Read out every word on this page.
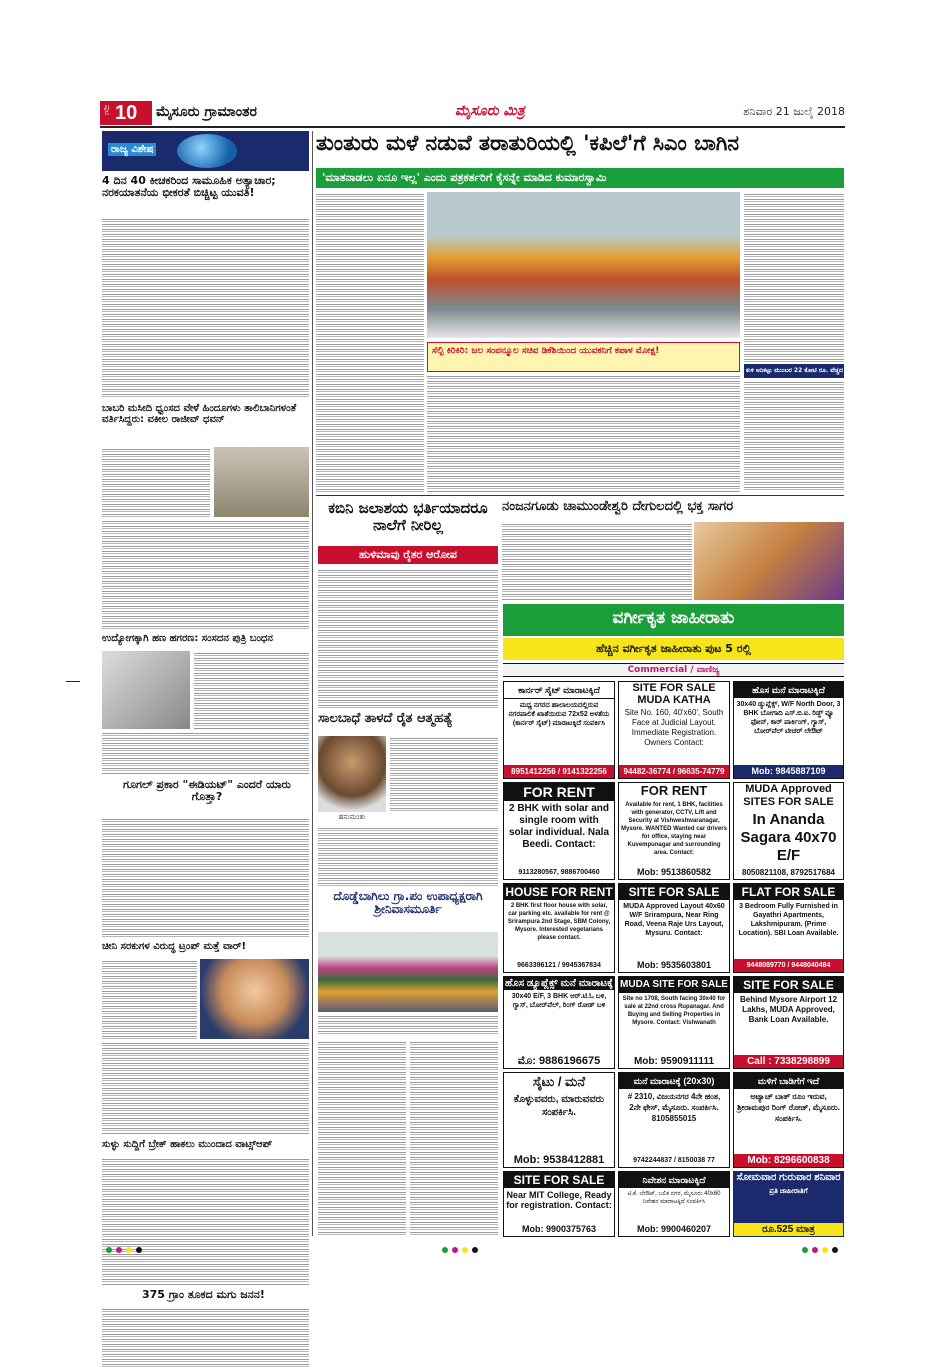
ಪುಟ 10 ಮೈಸೂರು ಗ್ರಾಮಾಂತರ	ಮೈಸೂರು ಮಿತ್ರ	ಶನಿವಾರ 21 ಜುಲೈ 2018
ರಾಜ್ಯ ವಿಶೇಷ
4 ದಿನ 40 ಕೀಚಕರಿಂದ ಸಾಮೂಹಿಕ ಅತ್ಯಾಚಾರ; ನರಕಯಾತನೆಯ ಭೀಕರತೆ ಬಿಚ್ಚಿಟ್ಟ ಯುವತಿ!
ಬಾಬರಿ ಮಸೀದಿ ಧ್ವಂಸದ ವೇಳೆ ಹಿಂದೂಗಳು ತಾಲಿಬಾನಿಗಳಂತೆ ವರ್ತಿಸಿದ್ದರು: ವಕೀಲ ರಾಜೀವ್ ಧವನ್
ಉದ್ಯೋಗಕ್ಕಾಗಿ ಹಣ ಹಗರಣ: ಸಂಸದನ ಪುತ್ರಿ ಬಂಧನ
ಗೂಗಲ್ ಪ್ರಕಾರ "ಈಡಿಯಟ್" ಎಂದರೆ ಯಾರು ಗೊತ್ತಾ?
ಚೀನಿ ಸರಕುಗಳ ವಿರುದ್ಧ ಟ್ರಂಪ್ ಮತ್ತೆ ವಾರ್!
ಸುಳ್ಳು ಸುದ್ದಿಗೆ ಬ್ರೇಕ್ ಹಾಕಲು ಮುಂದಾದ ವಾಟ್ಸ್‌ಆಪ್
375 ಗ್ರಾಂ ತೂಕದ ಮಗು ಜನನ!
ತುಂತುರು ಮಳೆ ನಡುವೆ ತರಾತುರಿಯಲ್ಲಿ 'ಕಪಿಲೆ'ಗೆ ಸಿಎಂ ಬಾಗಿನ
'ಮಾತನಾಡಲು ಏನೂ ಇಲ್ಲ' ಎಂದು ಪತ್ರಕರ್ತರಿಗೆ ಕೈಸನ್ನೇ ಮಾಡಿದ ಕುಮಾರಸ್ವಾಮಿ
ಸೆಲ್ಫಿ ಕಿರಿಕಿರಿ: ಜಲ ಸಂಪನ್ಮೂಲ ಸಚಿವ ಡಿಕೆಶಿಯಿಂದ ಯುವಕನಿಗೆ ಕಪಾಳ ಮೋಕ್ಷ!
ಕುಳಿ ಅನಿಕಟ್ಟು ಮುಂಬರ 22 ಕೋಟಿ ರೂ. ವೆಚ್ಚದ ಹೊಸ ನೀರಿಕರ
ಕಬಿನಿ ಜಲಾಶಯ ಭರ್ತಿಯಾದರೂ ನಾಲೆಗೆ ನೀರಿಲ್ಲ
ಹುಳಿಮಾವು ರೈತರ ಆರೋಪ
ನಂಜನಗೂಡು ಚಾಮುಂಡೇಶ್ವರಿ ದೇಗುಲದಲ್ಲಿ ಭಕ್ತ ಸಾಗರ
ವರ್ಗೀಕೃತ ಜಾಹೀರಾತು
ಹೆಚ್ಚಿನ ವರ್ಗೀಕೃತ ಜಾಹೀರಾತು ಪುಟ 5 ರಲ್ಲಿ
Commercial / ವಾಣಿಜ್ಯ
ಸಾಲಬಾಧೆ ತಾಳದೆ ರೈತ ಆತ್ಮಹತ್ಯೆ
ಹನುಮಂತು
ದೊಡ್ಡೆಬಾಗಿಲು ಗ್ರಾ.ಪಂ ಉಪಾಧ್ಯಕ್ಷರಾಗಿ ಶ್ರೀನಿವಾಸಮೂರ್ತಿ
ಕಾರ್ನರ್ ಸೈಟ್ ಮಾರಾಟಕ್ಕಿದೆ
ಮಧ್ಯ ನಗರದ ಹಾಲಾಲಯದಲ್ಲಿರುವ ನಗರಪಾಲಿಕೆ ಖಾತೆಯಿರುವ 72x52 ಅಳತೆಯ (ಕಾರ್ನರ್ ಸೈಟ್) ಮಾರಾಟಕ್ಕಿದೆ ಸಂಪರ್ಕಿಸಿ
8951412256 / 9141322256
SITE FOR SALE MUDA KATHA
Site No. 160, 40'x60', South Face at Judicial Layout. Immediate Registration. Owners Contact:
94482-36774 / 96635-74779
ಹೊಸ ಮನೆ ಮಾರಾಟಕ್ಕಿದೆ
30x40 ಡ್ಯುಪ್ಲೆಕ್ಸ್, W/F North Door, 3 BHK ಬೋಗಾದಿ ಎಸ್.ಬಿ.ಐ. ರಿಡ್ಜ್ ವ್ಯೂ ಫೋನ್, ಕಾರ್ ಪಾರ್ಕಿಂಗ್, ಗ್ಯಾಸ್, ಬೋರ್‌ವೆಲ್ ಟೀಚರ್ ಲೇಔಟ್
Mob: 9845887109
FOR RENT
2 BHK with solar and single room with solar individual. Nala Beedi. Contact:
9113280567, 9886700460
FOR RENT
Available for rent, 1 BHK, facilities with generator, CCTV, Lift and Security at Vishweshwaranagar, Mysore. WANTED Wanted car drivers for office, staying near Kuvempunagar and surrounding area. Contact:
Mob: 9513860582
MUDA Approved SITES FOR SALE
In Ananda Sagara 40x70 E/F
8050821108, 8792517684
HOUSE FOR RENT
2 BHK first floor house with solar, car parking etc. available for rent @ Srirampura 2nd Stage, SBM Colony, Mysore. Interested vegetarians please contact.
9663396121 / 9945367834
SITE FOR SALE
MUDA Approved Layout 40x60 W/F Srirampura, Near Ring Road, Veena Raje Urs Layout, Mysuru. Contact:
Mob: 9535603801
FLAT FOR SALE
3 Bedroom Fully Furnished in Gayathri Apartments, Lakshmipuram. (Prime Location). SBI Loan Available.
9448089770 / 9448040484
ಹೊಸ ಡ್ಯೂಪ್ಲೆಕ್ಸ್ ಮನೆ ಮಾರಾಟಕ್ಕೆ
30x40 E/F, 3 BHK ಆರ್.ಟಿ.ಓ ಬಳಿ, ಗ್ಯಾಸ್, ಬೋರ್‌ವೆಲ್, ರಿಂಗ್ ರೋಡ್ ಬಳಿ
ಮೊ: 9886196675
MUDA SITE FOR SALE
Site no 1708, South facing 30x40 for sale at 22nd cross Rupanagar. And Buying and Selling Properties in Mysore. Contact: Vishwanath
Mob: 9590911111
SITE FOR SALE
Behind Mysore Airport 12 Lakhs, MUDA Approved, Bank Loan Available.
Call : 7338298899
ಸೈಟು / ಮನೆ
ಕೊಳ್ಳುವವರು, ಮಾರುವವರು ಸಂಪರ್ಕಿಸಿ.
Mob: 9538412881
ಮನೆ ಮಾರಾಟಕ್ಕೆ (20x30)
# 2310, ವಿಜಯನಗರ 4ನೇ ಹಂತ, 2ನೇ ಫೇಸ್, ಮೈಸೂರು. ಸಂಪರ್ಕಿಸಿ. 8105855015
9742244837 / 8150038 77
ಮಳಿಗೆ ಬಾಡಿಗೆಗೆ ಇದೆ
ಅಟ್ಯಾಚ್ ಬಾತ್ ರೂಂ ಇರುವ, ಶ್ರೀರಾಮಪುರ ರಿಂಗ್ ರೋಡ್, ಮೈಸೂರು. ಸಂಪರ್ಕಿಸಿ.
Mob: 8296600838
SITE FOR SALE
Near MIT College, Ready for registration. Contact:
Mob: 9900375763
ನಿವೇಶನ ಮಾರಾಟಕ್ಕಿದೆ
ಟಿ.ಕೆ. ಲೇಔಟ್, ಬಲಿಕ ನಗರ, ಮೈಸೂರು 40x60 ನಿವೇಶನ ಮಾರಾಟಕ್ಕಿದೆ ಸಂಪರ್ಕಿಸಿ
Mob: 9900460207
ಸೋಮವಾರ ಗುರುವಾರ ಶನಿವಾರ
ಪ್ರತಿ ಜಾಹೀರಾತಿಗೆ
ರೂ.525 ಮಾತ್ರ
